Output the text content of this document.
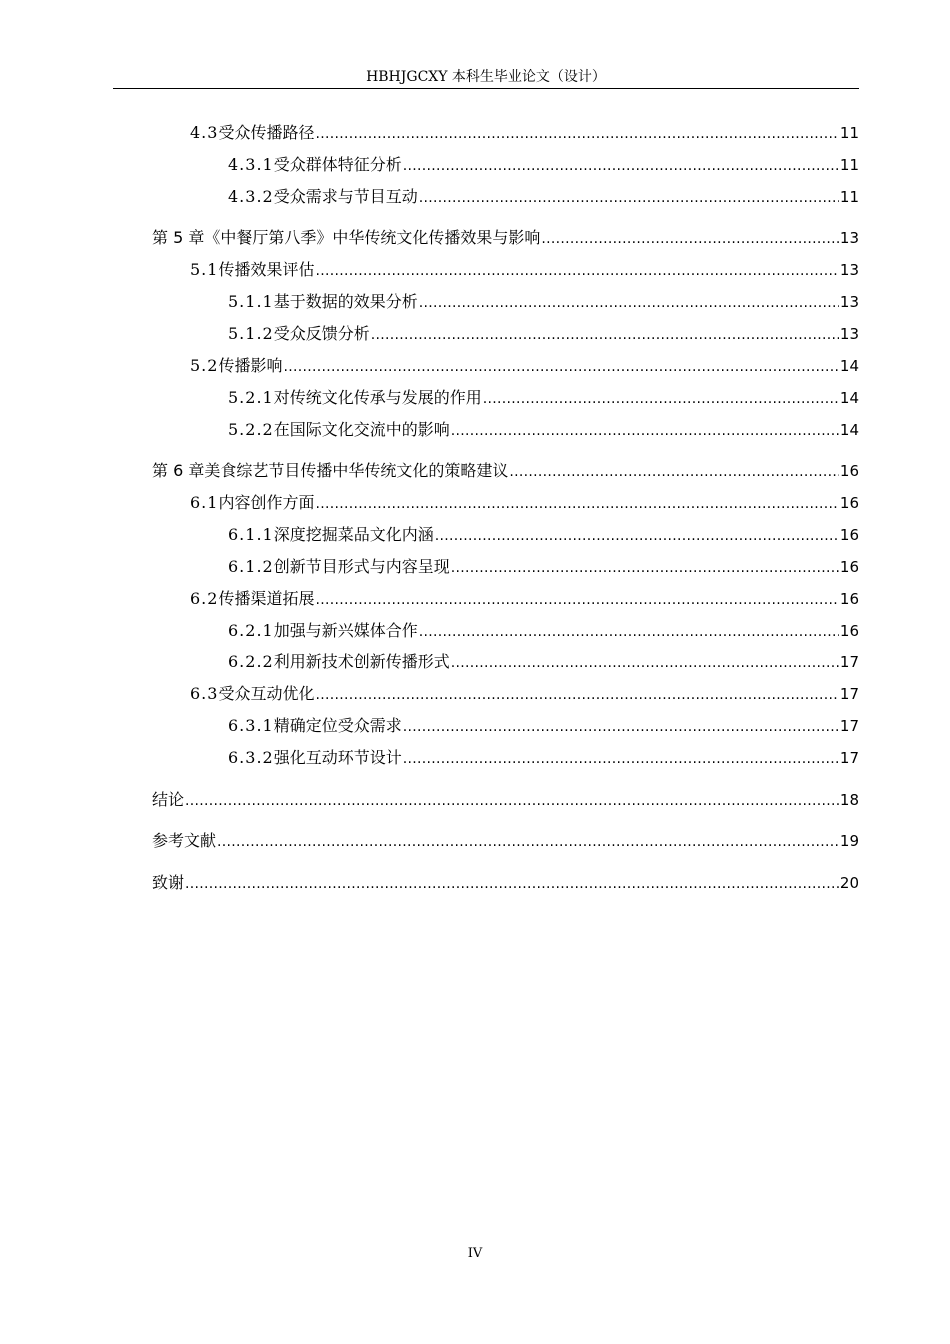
HBHJGCXY 本科生毕业论文（设计）
4.3 受众传播路径 .....	11
4.3.1 受众群体特征分析 .....	11
4.3.2 受众需求与节目互动 .....	11
第 5 章 《中餐厅第八季》中华传统文化传播效果与影响 .....	13
5.1 传播效果评估 .....	13
5.1.1 基于数据的效果分析 .....	13
5.1.2 受众反馈分析 .....	13
5.2 传播影响 .....	14
5.2.1 对传统文化传承与发展的作用 .....	14
5.2.2 在国际文化交流中的影响 .....	14
第 6 章 美食综艺节目传播中华传统文化的策略建议 .....	16
6.1 内容创作方面 .....	16
6.1.1 深度挖掘菜品文化内涵 .....	16
6.1.2 创新节目形式与内容呈现 .....	16
6.2 传播渠道拓展 .....	16
6.2.1 加强与新兴媒体合作 .....	16
6.2.2 利用新技术创新传播形式 .....	17
6.3 受众互动优化 .....	17
6.3.1 精确定位受众需求 .....	17
6.3.2 强化互动环节设计 .....	17
结论 .....	18
参考文献 .....	19
致谢 .....	20
IV
